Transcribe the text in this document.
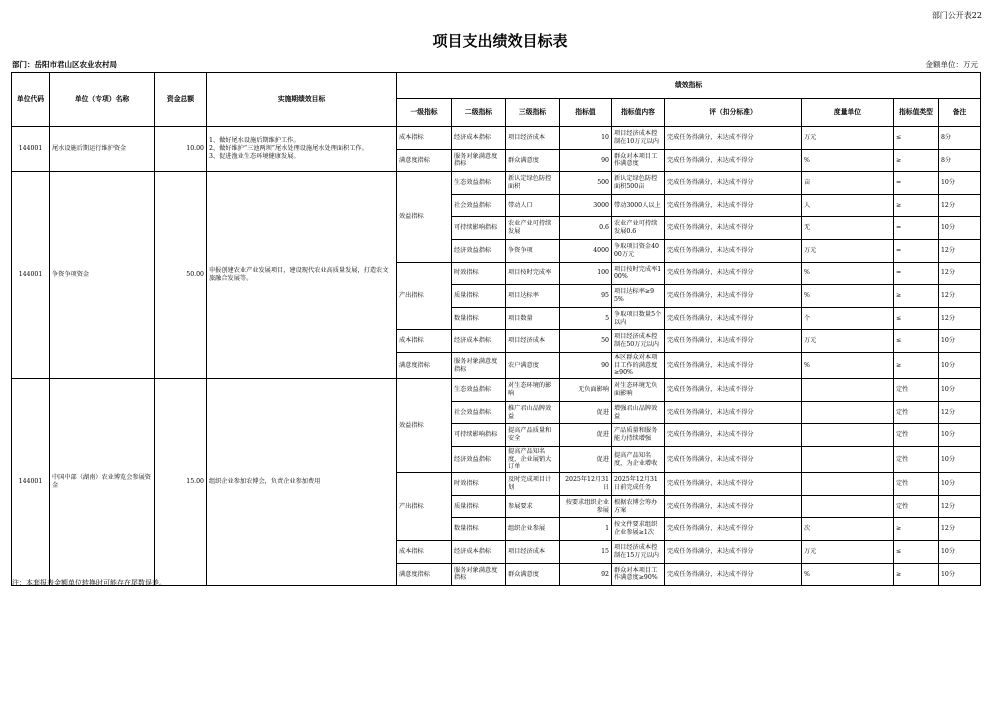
部门公开表22
项目支出绩效目标表
部门：岳阳市君山区农业农村局	金额单位：万元
单位代码	单位（专项）名称	资金总额	实施期绩效目标	绩效指标								
				一级指标	二级指标	三级指标	指标值	指标值内容	评（扣分标准）	度量单位	指标值类型	备注
144001	尾水设施后期运行维护资金	10.00	1、做好尾水设施后期维护工作。
2、做好维护“三池两坝”尾水处理设施尾水处理面积工作。
3、促进渔业生态环境健康发展。	成本指标	经济成本指标	项目经济成本	10	项目经济成本控制在10万元以内	完成任务得满分，未达成不得分	万元	≤	8分
				满意度指标	服务对象满意度指标	群众满意度	90	群众对本项目工作满意度	完成任务得满分，未达成不得分	%	≥	8分
144001	争资争项资金	50.00	申报创建农业产业发展项目，建设现代农业高质量发展，打造农文旅融合发展等。	效益指标	生态效益指标	新认定绿色防控面积	500	新认定绿色防控面积500亩	完成任务得满分，未达成不得分	亩	=	10分
					社会效益指标	带动人口	3000	带动3000人以上	完成任务得满分，未达成不得分	人	≥	12分
					可持续影响指标	农业产业可持续发展	0.6	农业产业可持续发展0.6	完成任务得满分，未达成不得分	无	=	10分
					经济效益指标	争资争项	4000	争取项目资金4000万元	完成任务得满分，未达成不得分	万元	=	12分
				产出指标	时效指标	项目按时完成率	100	项目按时完成率100%	完成任务得满分，未达成不得分	%	=	12分
					质量指标	项目达标率	95	项目达标率≥95%	完成任务得满分，未达成不得分	%	≥	12分
					数量指标	项目数量	5	争取项目数量5个以内	完成任务得满分，未达成不得分	个	≤	12分
				成本指标	经济成本指标	项目经济成本	50	项目经济成本控制在50万元以内	完成任务得满分，未达成不得分	万元	≤	10分
				满意度指标	服务对象满意度指标	农户满意度	90	本区群众对本项目工作的满意度≥90%	完成任务得满分，未达成不得分	%	≥	10分
144001	中国中部（湖南）农业博览会参展资金	15.00	组织企业参加农博会，负责企业参加费用	效益指标	生态效益指标	对生态环境的影响	无负面影响	对生态环境无负面影响	完成任务得满分，未达成不得分		定性	10分
					社会效益指标	推广君山品牌效益	促进	增强君山品牌效益	完成任务得满分，未达成不得分		定性	12分
					可持续影响指标	提高产品质量和安全	促进	产品质量和服务能力持续增强	完成任务得满分，未达成不得分		定性	10分
					经济效益指标	提高产品知名度，企业展销大订单	促进	提高产品知名度，为企业增收	完成任务得满分，未达成不得分		定性	10分
				产出指标	时效指标	及时完成项目计划	2025年12月31日	2025年12月31日前完成任务	完成任务得满分，未达成不得分		定性	10分
					质量指标	参展要求	按要求组织企业参展	根据农博会筹办方案	完成任务得满分，未达成不得分		定性	12分
					数量指标	组织企业参展	1	按文件要求组织企业参展≥1次	完成任务得满分，未达成不得分	次	≥	12分
				成本指标	经济成本指标	项目经济成本	15	项目经济成本控制在15万元以内	完成任务得满分，未达成不得分	万元	≤	10分
				满意度指标	服务对象满意度指标	群众满意度	92	群众对本项目工作满意度≥90%	完成任务得满分，未达成不得分	%	≥	10分
注：本套报表金额单位转换时可能存在尾数误差。
